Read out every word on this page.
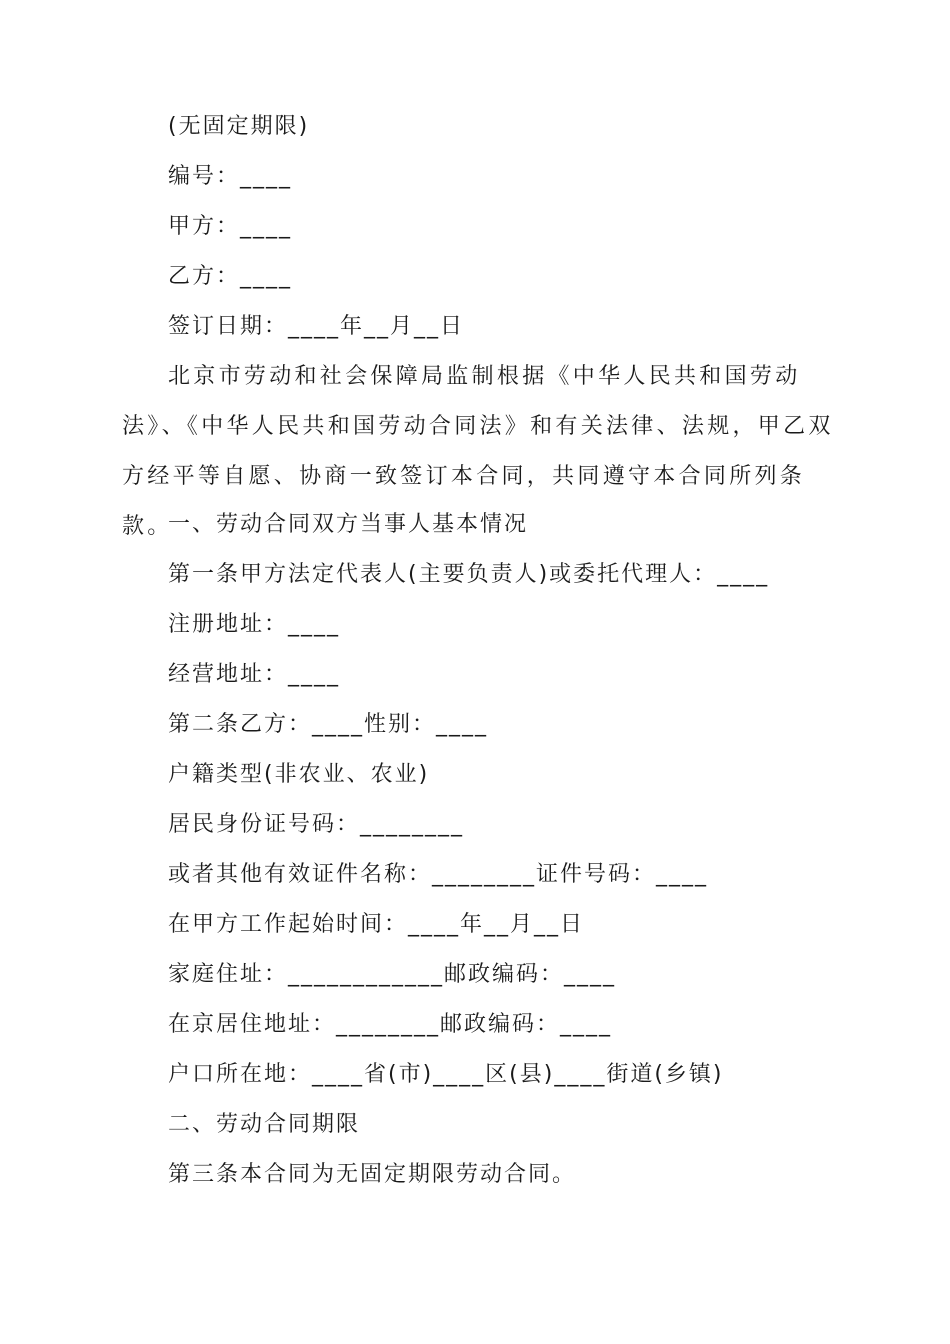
(无固定期限)
编号：____
甲方：____
乙方：____
签订日期：____年__月__日
北京市劳动和社会保障局监制根据《中华人民共和国劳动法》、《中华人民共和国劳动合同法》和有关法律、法规，甲乙双方经平等自愿、协商一致签订本合同，共同遵守本合同所列条款。
一、劳动合同双方当事人基本情况
第一条甲方法定代表人(主要负责人)或委托代理人：____
注册地址：____
经营地址：____
第二条乙方：____性别：____
户籍类型(非农业、农业)
居民身份证号码：________
或者其他有效证件名称：________证件号码：____
在甲方工作起始时间：____年__月__日
家庭住址：____________邮政编码：____
在京居住地址：________邮政编码：____
户口所在地：____省(市)____区(县)____街道(乡镇)
二、劳动合同期限
第三条本合同为无固定期限劳动合同。
